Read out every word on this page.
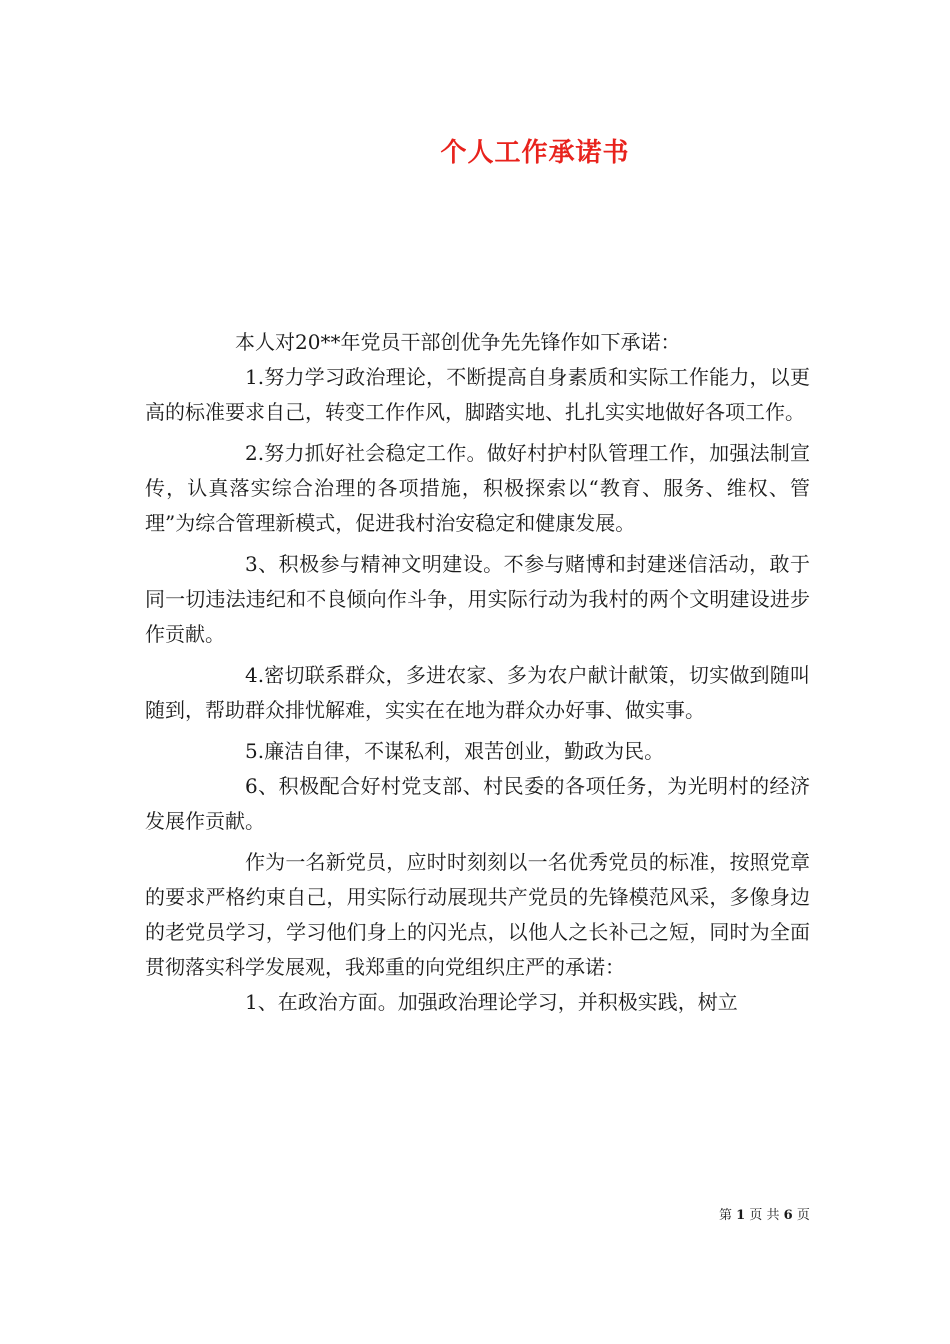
个人工作承诺书

本人对20**年党员干部创优争先先锋作如下承诺：

1.努力学习政治理论，不断提高自身素质和实际工作能力，以更高的标准要求自己，转变工作作风，脚踏实地、扎扎实实地做好各项工作。

2.努力抓好社会稳定工作。做好村护村队管理工作，加强法制宣传，认真落实综合治理的各项措施，积极探索以“教育、服务、维权、管理”为综合管理新模式，促进我村治安稳定和健康发展。

3、积极参与精神文明建设。不参与赌博和封建迷信活动，敢于同一切违法违纪和不良倾向作斗争，用实际行动为我村的两个文明建设进步作贡献。

4.密切联系群众，多进农家、多为农户献计献策，切实做到随叫随到，帮助群众排忧解难，实实在在地为群众办好事、做实事。

5.廉洁自律，不谋私利，艰苦创业，勤政为民。

6、积极配合好村党支部、村民委的各项任务，为光明村的经济发展作贡献。

作为一名新党员，应时时刻刻以一名优秀党员的标准，按照党章的要求严格约束自己，用实际行动展现共产党员的先锋模范风采，多像身边的老党员学习，学习他们身上的闪光点，以他人之长补己之短，同时为全面贯彻落实科学发展观，我郑重的向党组织庄严的承诺：

1、在政治方面。加强政治理论学习，并积极实践，树立

第 1 页 共 6 页
